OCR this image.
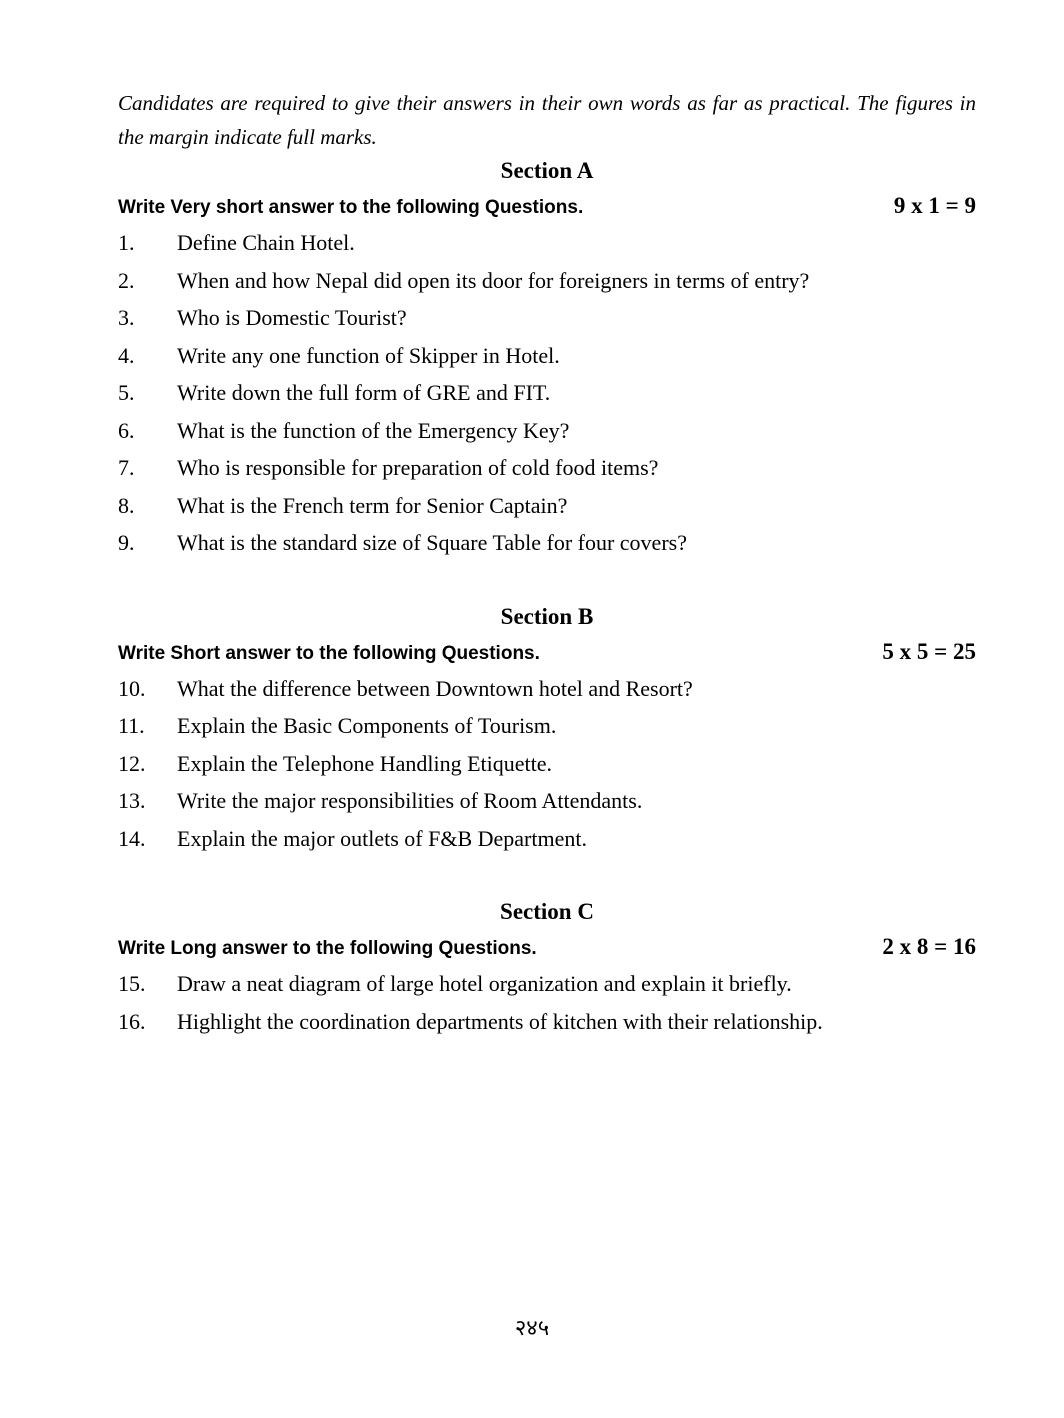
Candidates are required to give their answers in their own words as far as practical. The figures in the margin indicate full marks.
Section A
Write Very short answer to the following Questions.	9 x 1 = 9
1.	Define Chain Hotel.
2.	When and how Nepal did open its door for foreigners in terms of entry?
3.	Who is Domestic Tourist?
4.	Write any one function of Skipper in Hotel.
5.	Write down the full form of GRE and FIT.
6.	What is the function of the Emergency Key?
7.	Who is responsible for preparation of cold food items?
8.	What is the French term for Senior Captain?
9.	What is the standard size of Square Table for four covers?
Section B
Write Short answer to the following Questions.	5 x 5 = 25
10.	What the difference between Downtown hotel and Resort?
11.	Explain the Basic Components of Tourism.
12.	Explain the Telephone Handling Etiquette.
13.	Write the major responsibilities of Room Attendants.
14.	Explain the major outlets of F&B Department.
Section C
Write Long answer to the following Questions.	2 x 8 = 16
15.	Draw a neat diagram of large hotel organization and explain it briefly.
16.	Highlight the coordination departments of kitchen with their relationship.
२४५
